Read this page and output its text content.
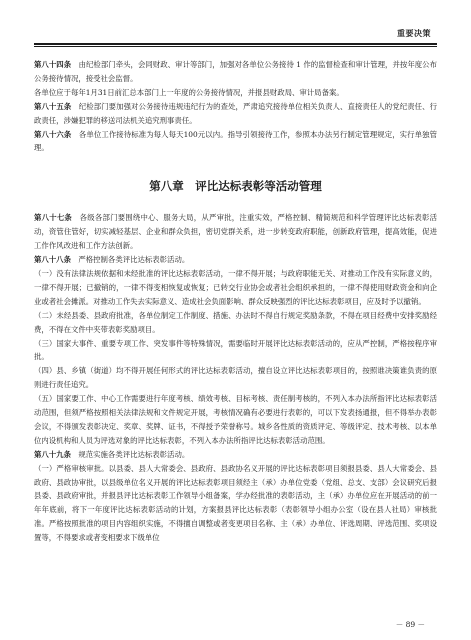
重要决策

第八十四条　由纪检部门牵头，会同财政、审计等部门，加强对各单位公务接待 1 作的监督检查和审计管理，并按年度公布公务接待情况，接受社会监督。

各单位应于每年1月31日前汇总本部门上一年度的公务接待情况，并报县财政局、审计局备案。

第八十五条　纪检部门要加强对公务接待违规违纪行为的查处，严肃追究接待单位相关负责人、直接责任人的党纪责任、行政责任，涉嫌犯罪的移送司法机关追究刑事责任。

第八十六条　各单位工作接待标准为每人每天100元以内。指导引领接待工作，参照本办法另行制定管理规定，实行单独管理。

第八章　评比达标表彰等活动管理

第八十七条　各级各部门要围绕中心、服务大局，从严审批，注重实效，严格控制、精简规范和科学管理评比达标表彰活动，资管住管好，切实减轻基层、企业和群众负担，密切党群关系，进一步转变政府职能，创新政府管理，提高效能，促进工作作风改进和工作方法创新。

第八十八条　严格控制各类评比达标表彰活动。

（一）没有法律法规依据和未经批准的评比达标表彰活动，一律不得开展；与政府职能无关、对推动工作没有实际意义的，一律不得开展；已撤销的，一律不得变相恢复或恢复；已转交行业协会或者社会组织承担的，一律不得使用财政资金和向企业或者社会摊派。对推动工作失去实际意义、造成社会负面影响、群众反映强烈的评比达标表彰项目，应及时予以撤销。

（二）未经县委、县政府批准，各单位制定工作制度、措施、办法时不得自行规定奖励条款，不得在项目经费中安排奖励经费，不得在文件中夹带表彰奖励项目。

（三）国家大事件、重要专项工作、突发事件等特殊情况，需要临时开展评比达标表彰活动的，应从严控制，严格按程序审批。

（四）县、乡镇（街道）均不得开展任何形式的评比达标表彰活动，擅自设立评比达标表彰项目的，按照谁决策谁负责的原则进行责任追究。

（五）国家要工作、中心工作需要进行年度考核、绩效考核、目标考核、责任制考核的，不列入本办法所指评比达标表彰活动范围，但须严格按照相关法律法规和文件规定开展，考核情况确有必要进行表彰的，可以下发表扬通报，但不得举办表彰会议，不得颁发表彰决定、奖章、奖牌、证书，不得授予荣誉称号。城乡各性质的资质评定、等级评定、技术考核、以本单位内设机构和人员为评选对象的评比达标表彰，不列入本办法所指评比达标表彰活动范围。

第八十九条　规范实施各类评比达标表彰活动。

（一）严格审核审批。以县委、县人大常委会、县政府、县政协名义开展的评比达标表彰项目须报县委、县人大常委会、县政府、县政协审批，以县级单位名义开展的评比达标表彰项目须经主（承）办单位党委（党组、总支、支部）会议研究后报县委、县政府审批，并报县评比达标表彰工作领导小组备案，学办经批准的表彰活动，主（承）办单位应在开展活动的前一年年底前，将下一年度评比达标表彰活动的计划，方案报县评比达标表彰（表彰领导小组办公室（设在县人社局）审核批准。严格按照批准的项目内容组织实施，不得擅自调整或者变更项目名称、主（承）办单位、评选周期、评选范围、奖项设置等，不得要求或者变相要求下级单位

－ 89 －
